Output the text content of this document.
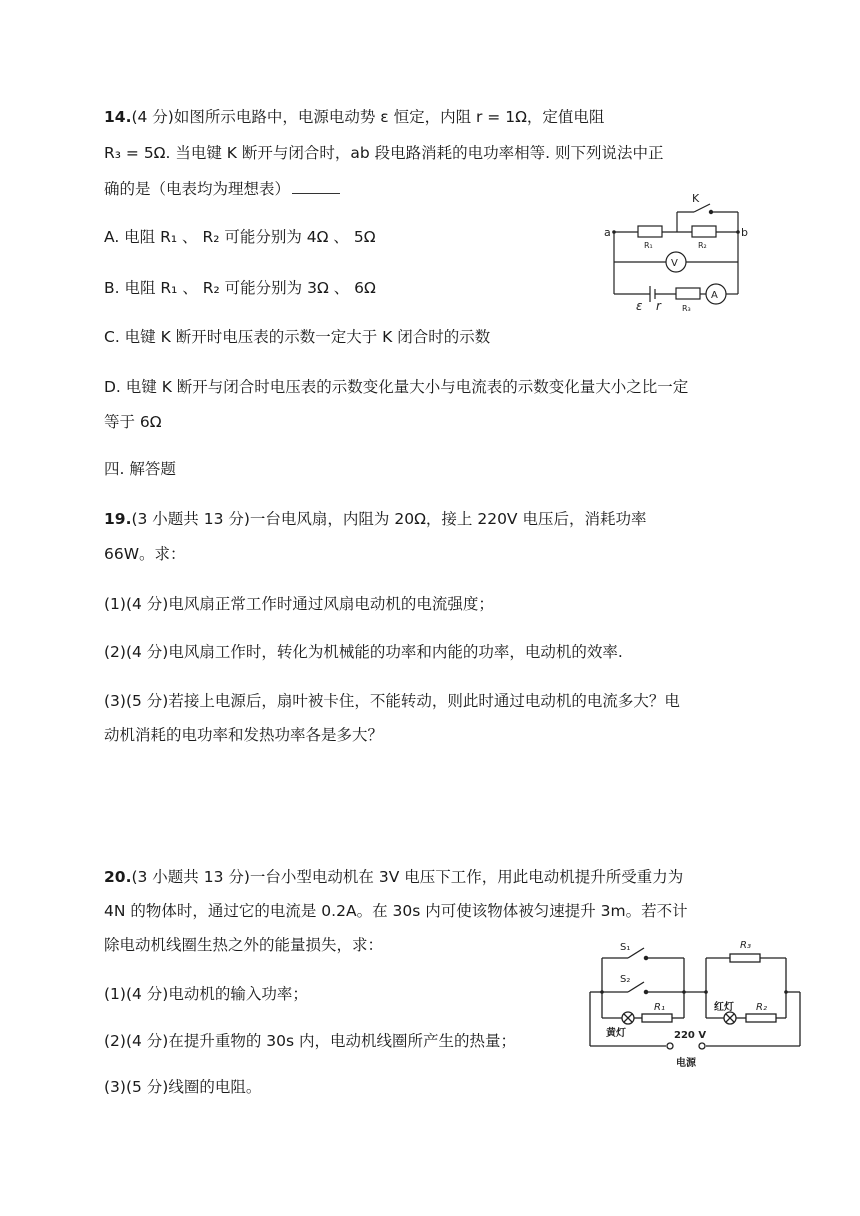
14.(4 分)如图所示电路中，电源电动势 ε 恒定，内阻 r = 1Ω，定值电阻
R₃ = 5Ω. 当电键 K 断开与闭合时，ab 段电路消耗的电功率相等. 则下列说法中正
确的是（电表均为理想表）
A. 电阻 R₁ 、 R₂ 可能分别为 4Ω 、 5Ω
B. 电阻 R₁ 、 R₂ 可能分别为 3Ω 、 6Ω
C. 电键 K 断开时电压表的示数一定大于 K 闭合时的示数
D. 电键 K 断开与闭合时电压表的示数变化量大小与电流表的示数变化量大小之比一定
等于 6Ω
a	b
K
R₁	R₂
V
A
ε r	R₃
四. 解答题
19.(3 小题共 13 分)一台电风扇，内阻为 20Ω，接上 220V 电压后，消耗功率
66W。求：
(1)(4 分)电风扇正常工作时通过风扇电动机的电流强度；
(2)(4 分)电风扇工作时，转化为机械能的功率和内能的功率，电动机的效率.
(3)(5 分)若接上电源后，扇叶被卡住，不能转动，则此时通过电动机的电流多大？电
动机消耗的电功率和发热功率各是多大？
20.(3 小题共 13 分)一台小型电动机在 3V 电压下工作，用此电动机提升所受重力为
4N 的物体时，通过它的电流是 0.2A。在 30s 内可使该物体被匀速提升 3m。若不计
除电动机线圈生热之外的能量损失，求：
(1)(4 分)电动机的输入功率；
(2)(4 分)在提升重物的 30s 内，电动机线圈所产生的热量；
(3)(5 分)线圈的电阻。
S₁
S₂
R₁
R₃
R₂
黄灯
红灯
220 V
电源
